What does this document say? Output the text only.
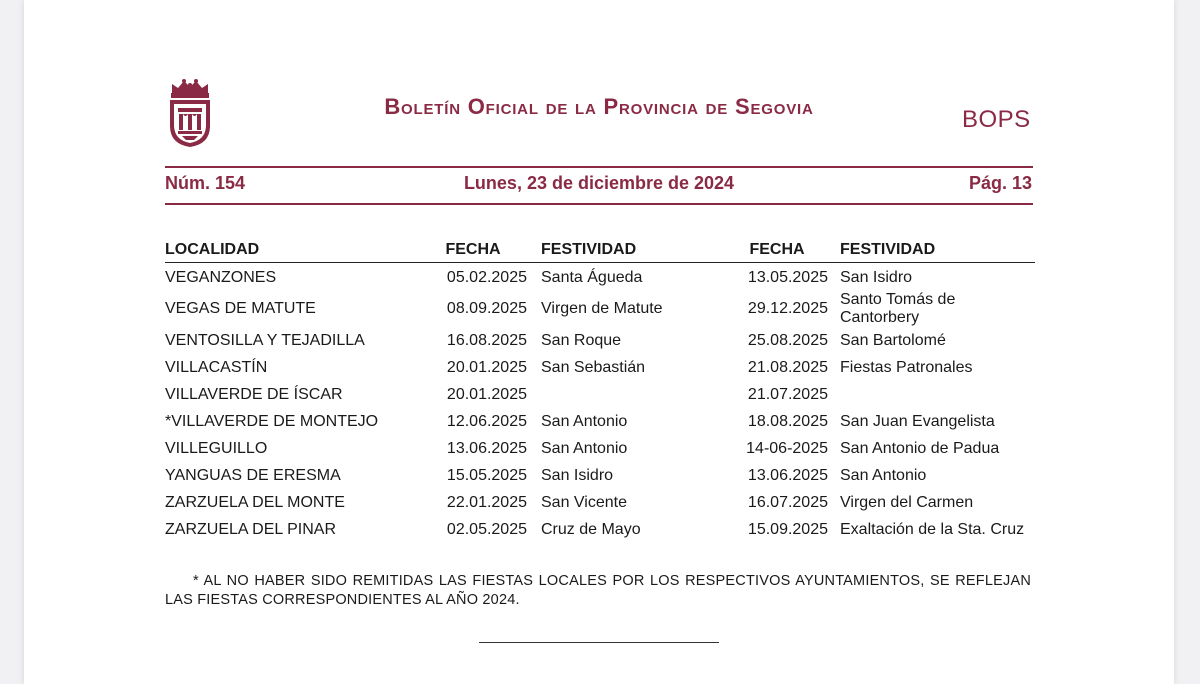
Boletín Oficial de la Provincia de Segovia	BOPS
Núm. 154	Lunes, 23 de diciembre de 2024	Pág. 13
LOCALIDAD	FECHA	FESTIVIDAD	FECHA	FESTIVIDAD
VEGANZONES	05.02.2025	Santa Águeda	13.05.2025	San Isidro
VEGAS DE MATUTE	08.09.2025	Virgen de Matute	29.12.2025	Santo Tomás de Cantorbery
VENTOSILLA Y TEJADILLA	16.08.2025	San Roque	25.08.2025	San Bartolomé
VILLACASTÍN	20.01.2025	San Sebastián	21.08.2025	Fiestas Patronales
VILLAVERDE DE ÍSCAR	20.01.2025		21.07.2025	
*VILLAVERDE DE MONTEJO	12.06.2025	San Antonio	18.08.2025	San Juan Evangelista
VILLEGUILLO	13.06.2025	San Antonio	14-06-2025	San Antonio de Padua
YANGUAS DE ERESMA	15.05.2025	San Isidro	13.06.2025	San Antonio
ZARZUELA DEL MONTE	22.01.2025	San Vicente	16.07.2025	Virgen del Carmen
ZARZUELA DEL PINAR	02.05.2025	Cruz de Mayo	15.09.2025	Exaltación de la Sta. Cruz
* AL NO HABER SIDO REMITIDAS LAS FIESTAS LOCALES POR LOS RESPECTIVOS AYUNTAMIENTOS, SE REFLEJAN LAS FIESTAS CORRESPONDIENTES AL AÑO 2024.
